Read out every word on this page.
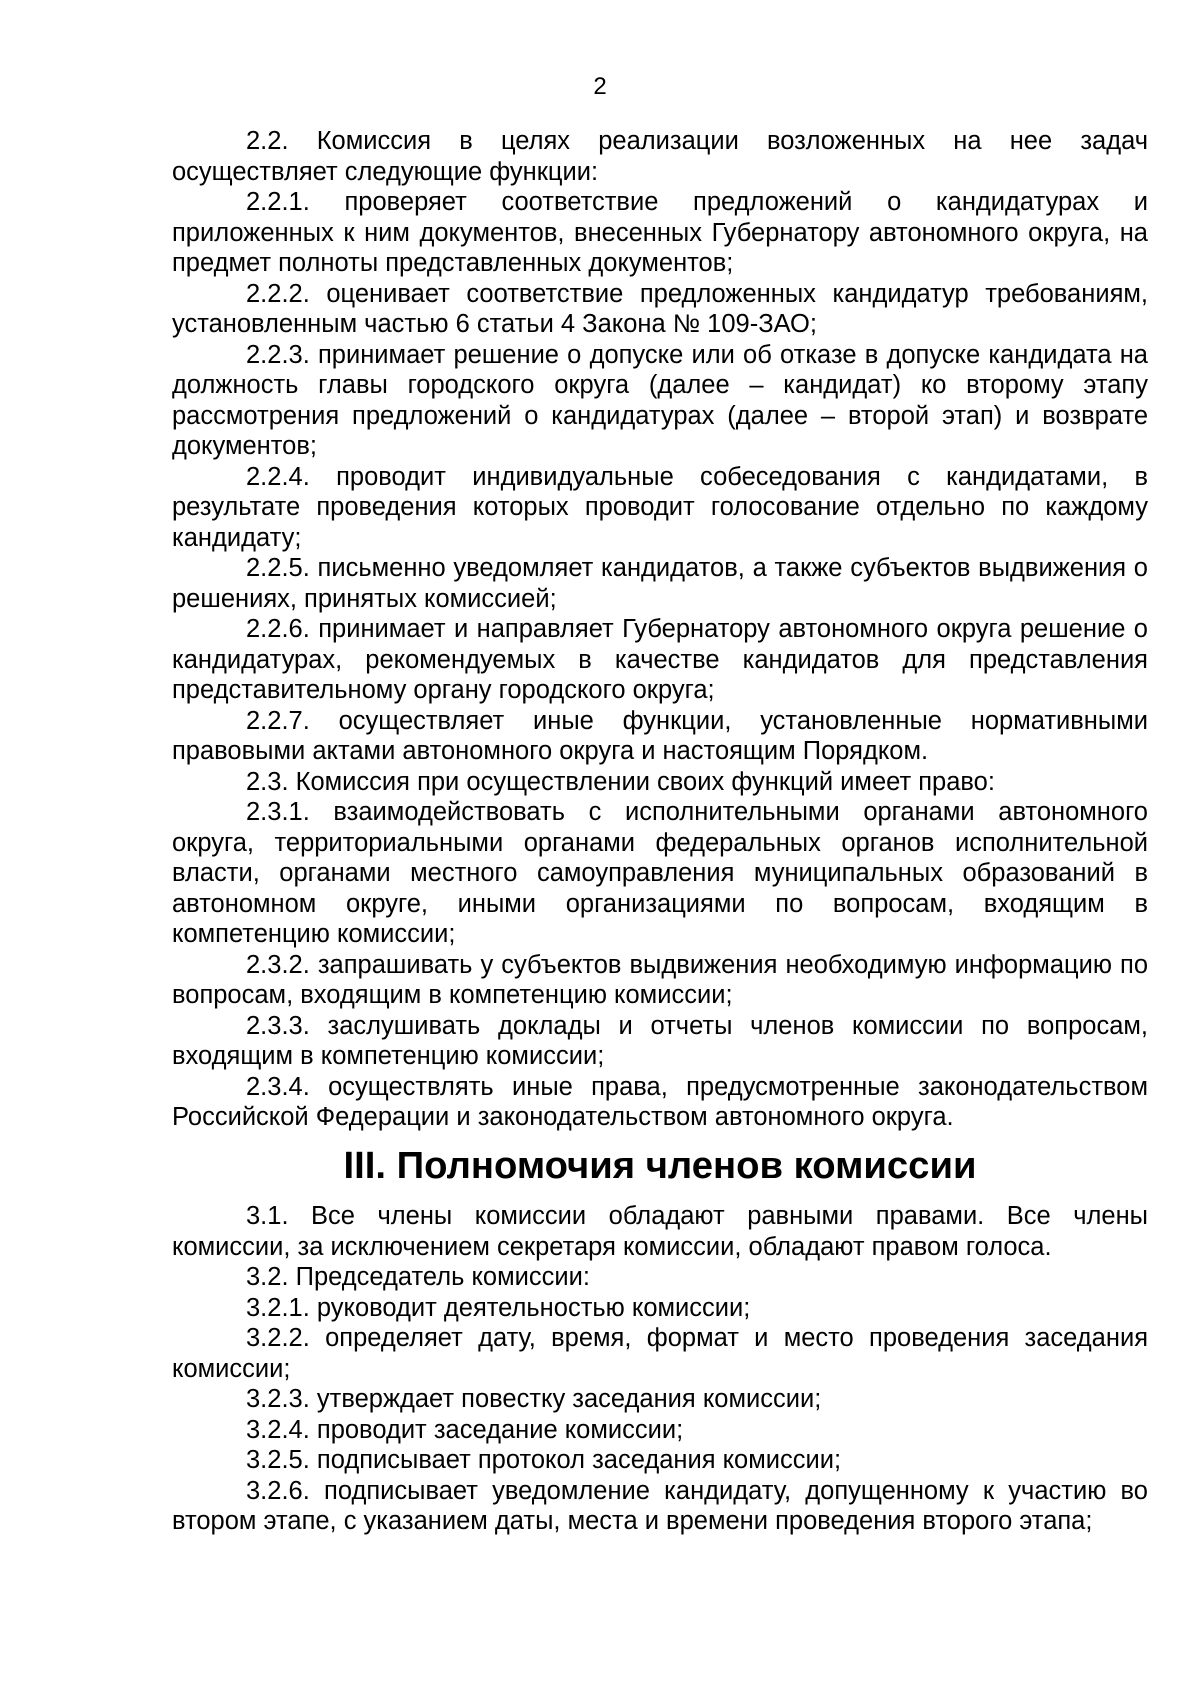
2

2.2. Комиссия в целях реализации возложенных на нее задач осуществляет следующие функции:

2.2.1. проверяет соответствие предложений о кандидатурах и приложенных к ним документов, внесенных Губернатору автономного округа, на предмет полноты представленных документов;

2.2.2. оценивает соответствие предложенных кандидатур требованиям, установленным частью 6 статьи 4 Закона № 109-ЗАО;

2.2.3. принимает решение о допуске или об отказе в допуске кандидата на должность главы городского округа (далее – кандидат) ко второму этапу рассмотрения предложений о кандидатурах (далее – второй этап) и возврате документов;

2.2.4. проводит индивидуальные собеседования с кандидатами, в результате проведения которых проводит голосование отдельно по каждому кандидату;

2.2.5. письменно уведомляет кандидатов, а также субъектов выдвижения о решениях, принятых комиссией;

2.2.6. принимает и направляет Губернатору автономного округа решение о кандидатурах, рекомендуемых в качестве кандидатов для представления представительному органу городского округа;

2.2.7. осуществляет иные функции, установленные нормативными правовыми актами автономного округа и настоящим Порядком.

2.3. Комиссия при осуществлении своих функций имеет право:

2.3.1. взаимодействовать с исполнительными органами автономного округа, территориальными органами федеральных органов исполнительной власти, органами местного самоуправления муниципальных образований в автономном округе, иными организациями по вопросам, входящим в компетенцию комиссии;

2.3.2. запрашивать у субъектов выдвижения необходимую информацию по вопросам, входящим в компетенцию комиссии;

2.3.3. заслушивать доклады и отчеты членов комиссии по вопросам, входящим в компетенцию комиссии;

2.3.4. осуществлять иные права, предусмотренные законодательством Российской Федерации и законодательством автономного округа.

III. Полномочия членов комиссии

3.1. Все члены комиссии обладают равными правами. Все члены комиссии, за исключением секретаря комиссии, обладают правом голоса.

3.2. Председатель комиссии:

3.2.1. руководит деятельностью комиссии;

3.2.2. определяет дату, время, формат и место проведения заседания комиссии;

3.2.3. утверждает повестку заседания комиссии;

3.2.4. проводит заседание комиссии;

3.2.5. подписывает протокол заседания комиссии;

3.2.6. подписывает уведомление кандидату, допущенному к участию во втором этапе, с указанием даты, места и времени проведения второго этапа;
